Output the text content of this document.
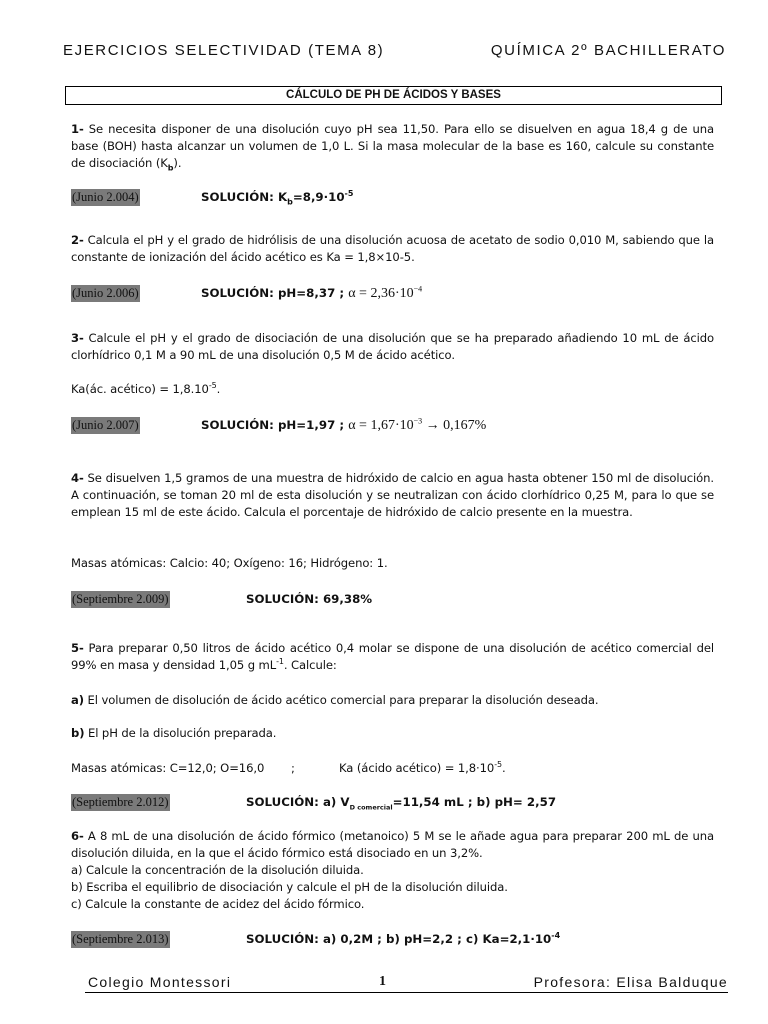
EJERCICIOS SELECTIVIDAD (TEMA 8)	QUÍMICA 2º BACHILLERATO
CÁLCULO DE PH DE ÁCIDOS Y BASES
1- Se necesita disponer de una disolución cuyo pH sea 11,50. Para ello se disuelven en agua 18,4 g de una base (BOH) hasta alcanzar un volumen de 1,0 L. Si la masa molecular de la base es 160, calcule su constante de disociación $(K_b)$.
(Junio 2.004)	SOLUCIÓN: $K_b=8,9\cdot 10^{-5}$
2- Calcula el pH y el grado de hidrólisis de una disolución acuosa de acetato de sodio 0,010 M, sabiendo que la constante de ionización del ácido acético es Ka = 1,8×10-5.
(Junio 2.006)	SOLUCIÓN: pH=8,37 ; $\alpha = 2,36\cdot 10^{-4}$
3- Calcule el pH y el grado de disociación de una disolución que se ha preparado añadiendo 10 mL de ácido clorhídrico 0,1 M a 90 mL de una disolución 0,5 M de ácido acético.
Ka(ác. acético) = $1,8.10^{-5}$.
(Junio 2.007)	SOLUCIÓN: pH=1,97 ; $\alpha = 1,67\cdot 10^{-3} \to 0,167\%$
4- Se disuelven 1,5 gramos de una muestra de hidróxido de calcio en agua hasta obtener 150 ml de disolución. A continuación, se toman 20 ml de esta disolución y se neutralizan con ácido clorhídrico 0,25 M, para lo que se emplean 15 ml de este ácido. Calcula el porcentaje de hidróxido de calcio presente en la muestra.
Masas atómicas: Calcio: 40; Oxígeno: 16; Hidrógeno: 1.
(Septiembre 2.009)	SOLUCIÓN: 69,38%
5- Para preparar 0,50 litros de ácido acético 0,4 molar se dispone de una disolución de acético comercial del 99% en masa y densidad 1,05 g $mL^{-1}$. Calcule:
a) El volumen de disolución de ácido acético comercial para preparar la disolución deseada.
b) El pH de la disolución preparada.
Masas atómicas: C=12,0; O=16,0 ;	Ka (ácido acético) = $1,8\cdot 10^{-5}$.
(Septiembre 2.012)	SOLUCIÓN: a) $V_{D comercial}=11,54$ mL ; b) pH= 2,57
6- A 8 mL de una disolución de ácido fórmico (metanoico) 5 M se le añade agua para preparar 200 mL de una disolución diluida, en la que el ácido fórmico está disociado en un 3,2%.
a) Calcule la concentración de la disolución diluida.
b) Escriba el equilibrio de disociación y calcule el pH de la disolución diluida.
c) Calcule la constante de acidez del ácido fórmico.
(Septiembre 2.013)	SOLUCIÓN: a) 0,2M ; b) pH=2,2 ; c) $Ka=2,1\cdot 10^{-4}$
Colegio Montessori	1	Profesora: Elisa Balduque
